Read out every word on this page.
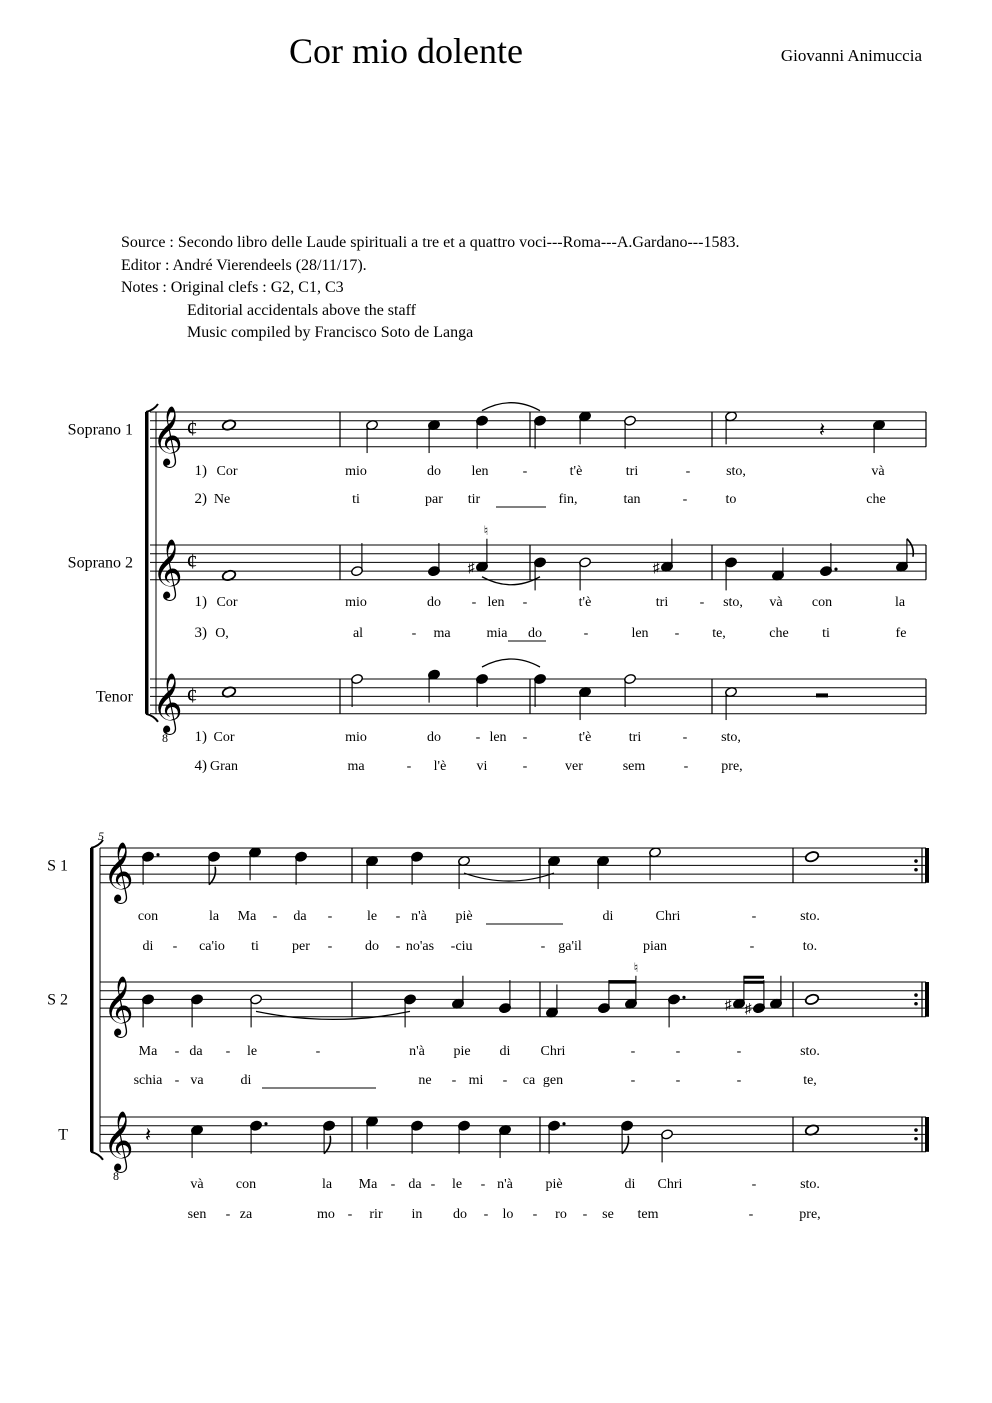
Cor mio dolente	Giovanni Animuccia
Source : Secondo libro delle Laude spirituali a tre et a quattro voci---Roma---A.Gardano---1583.
Editor : André Vierendeels (28/11/17).
Notes : Original clefs : G2, C1, C3
Editorial accidentals above the staff
Music compiled by Francisco Soto de Langa
𝄞 ¢
Soprano 1
𝄞 ¢
Soprano 2
𝄞
8
¢
Tenor
𝄽
♯
♮
♯
1) Cor	mio	do len -	t'è	tri	-	sto,	và
2) Ne	ti	par tir	fin,	tan	-	to	che
1) Cor	mio	do - len -	t'è	tri - sto, và con	la
3) O,	al	- ma	mia do	-	len - te,	che ti	fe
1) Cor	mio	do - len -	t'è	tri	- sto,
4) Gran	ma	- l'è vi	-	ver	sem	- pre,
5
𝄞
S 1
𝄞
S 2
𝄞
8
T
♮
♯ ♯
𝄽
con	la Ma - da - le - n'à piè	di	Chri	-	sto.
di - ca'io ti per - do - no'as - ciu	- ga'il	pian	-	to.
Ma - da - le	-	n'à pie di Chri	-	-	-	sto.
schia - va	di	ne - mi - ca gen	-	-	-	te,
và con	la Ma - da - le - n'à piè	di Chri	-	sto.
sen - za	mo - rir in do - lo - ro - se tem	-	pre,
